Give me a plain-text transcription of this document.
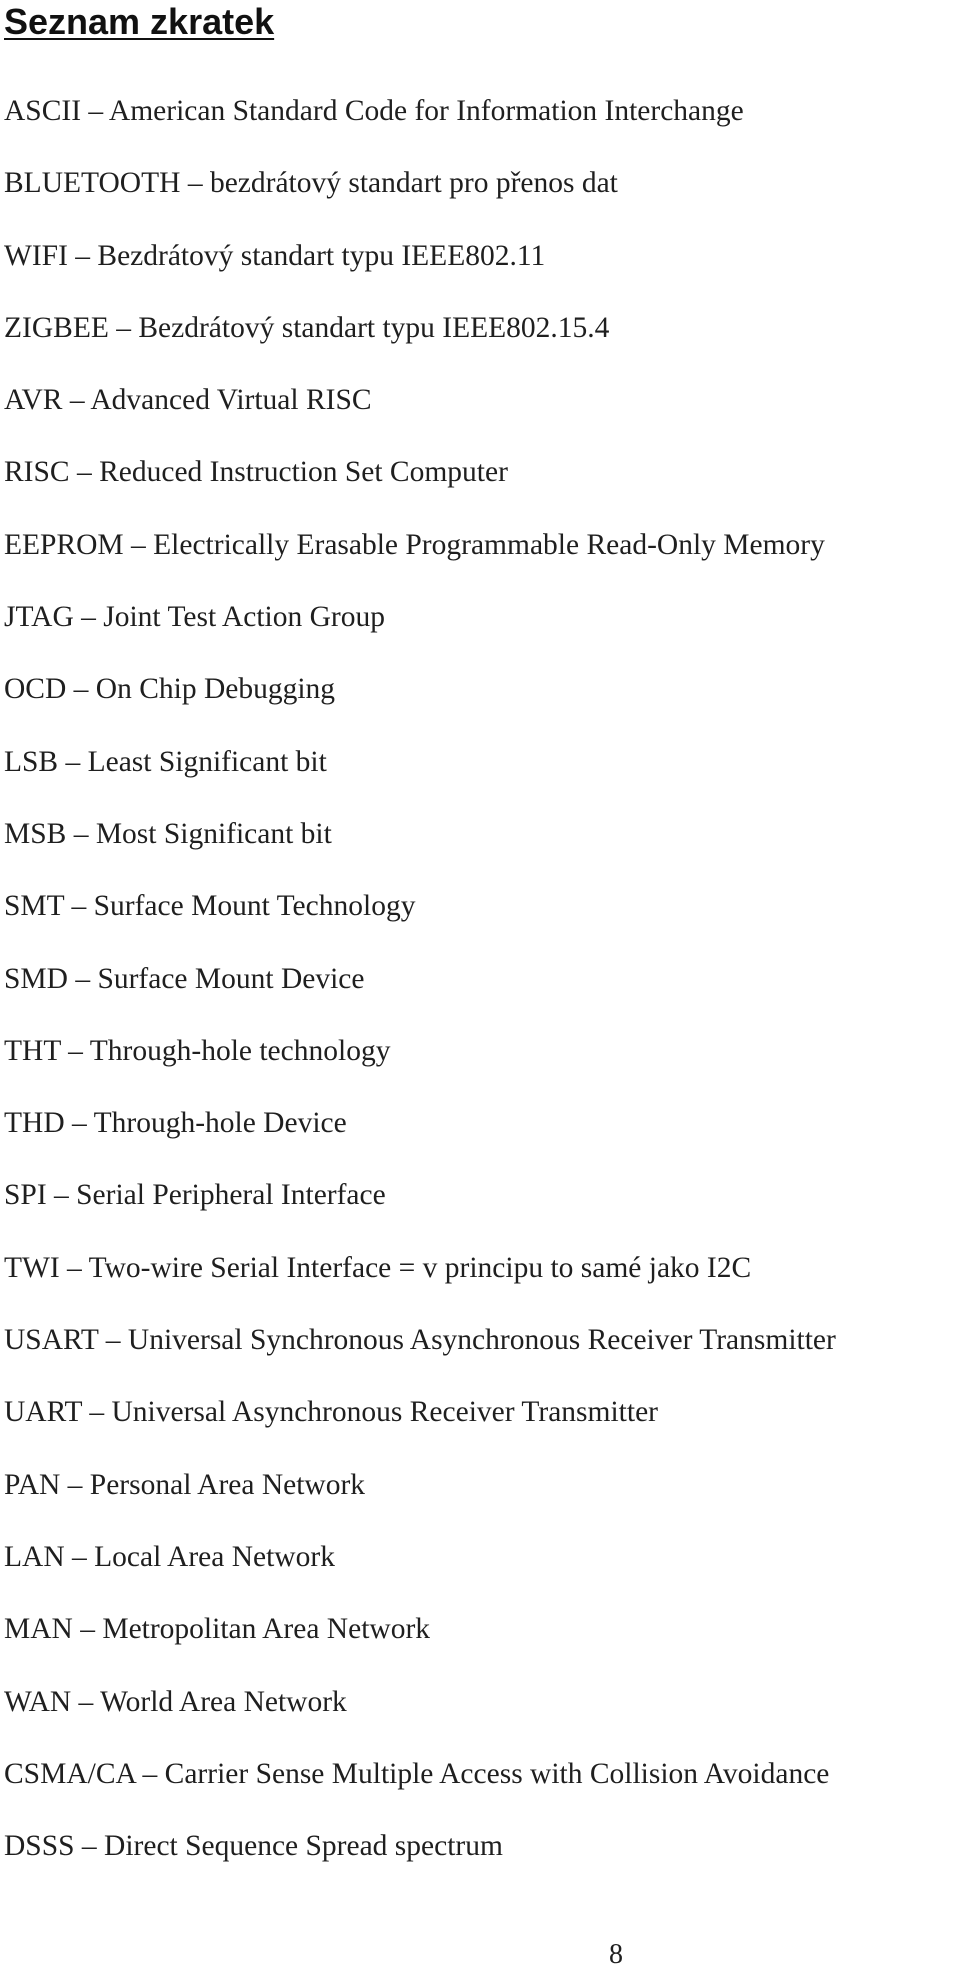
Seznam zkratek
ASCII – American Standard Code for Information Interchange
BLUETOOTH – bezdrátový standart pro přenos dat
WIFI – Bezdrátový standart typu IEEE802.11
ZIGBEE – Bezdrátový standart typu IEEE802.15.4
AVR – Advanced Virtual RISC
RISC – Reduced Instruction Set Computer
EEPROM – Electrically Erasable Programmable Read-Only Memory
JTAG – Joint Test Action Group
OCD – On Chip Debugging
LSB – Least Significant bit
MSB – Most Significant bit
SMT – Surface Mount Technology
SMD – Surface Mount Device
THT – Through-hole technology
THD – Through-hole Device
SPI – Serial Peripheral Interface
TWI – Two-wire Serial Interface = v principu to samé jako I2C
USART – Universal Synchronous Asynchronous Receiver Transmitter
UART – Universal Asynchronous Receiver Transmitter
PAN – Personal Area Network
LAN – Local Area Network
MAN – Metropolitan Area Network
WAN – World Area Network
CSMA/CA – Carrier Sense Multiple Access with Collision Avoidance
DSSS – Direct Sequence Spread spectrum
8
